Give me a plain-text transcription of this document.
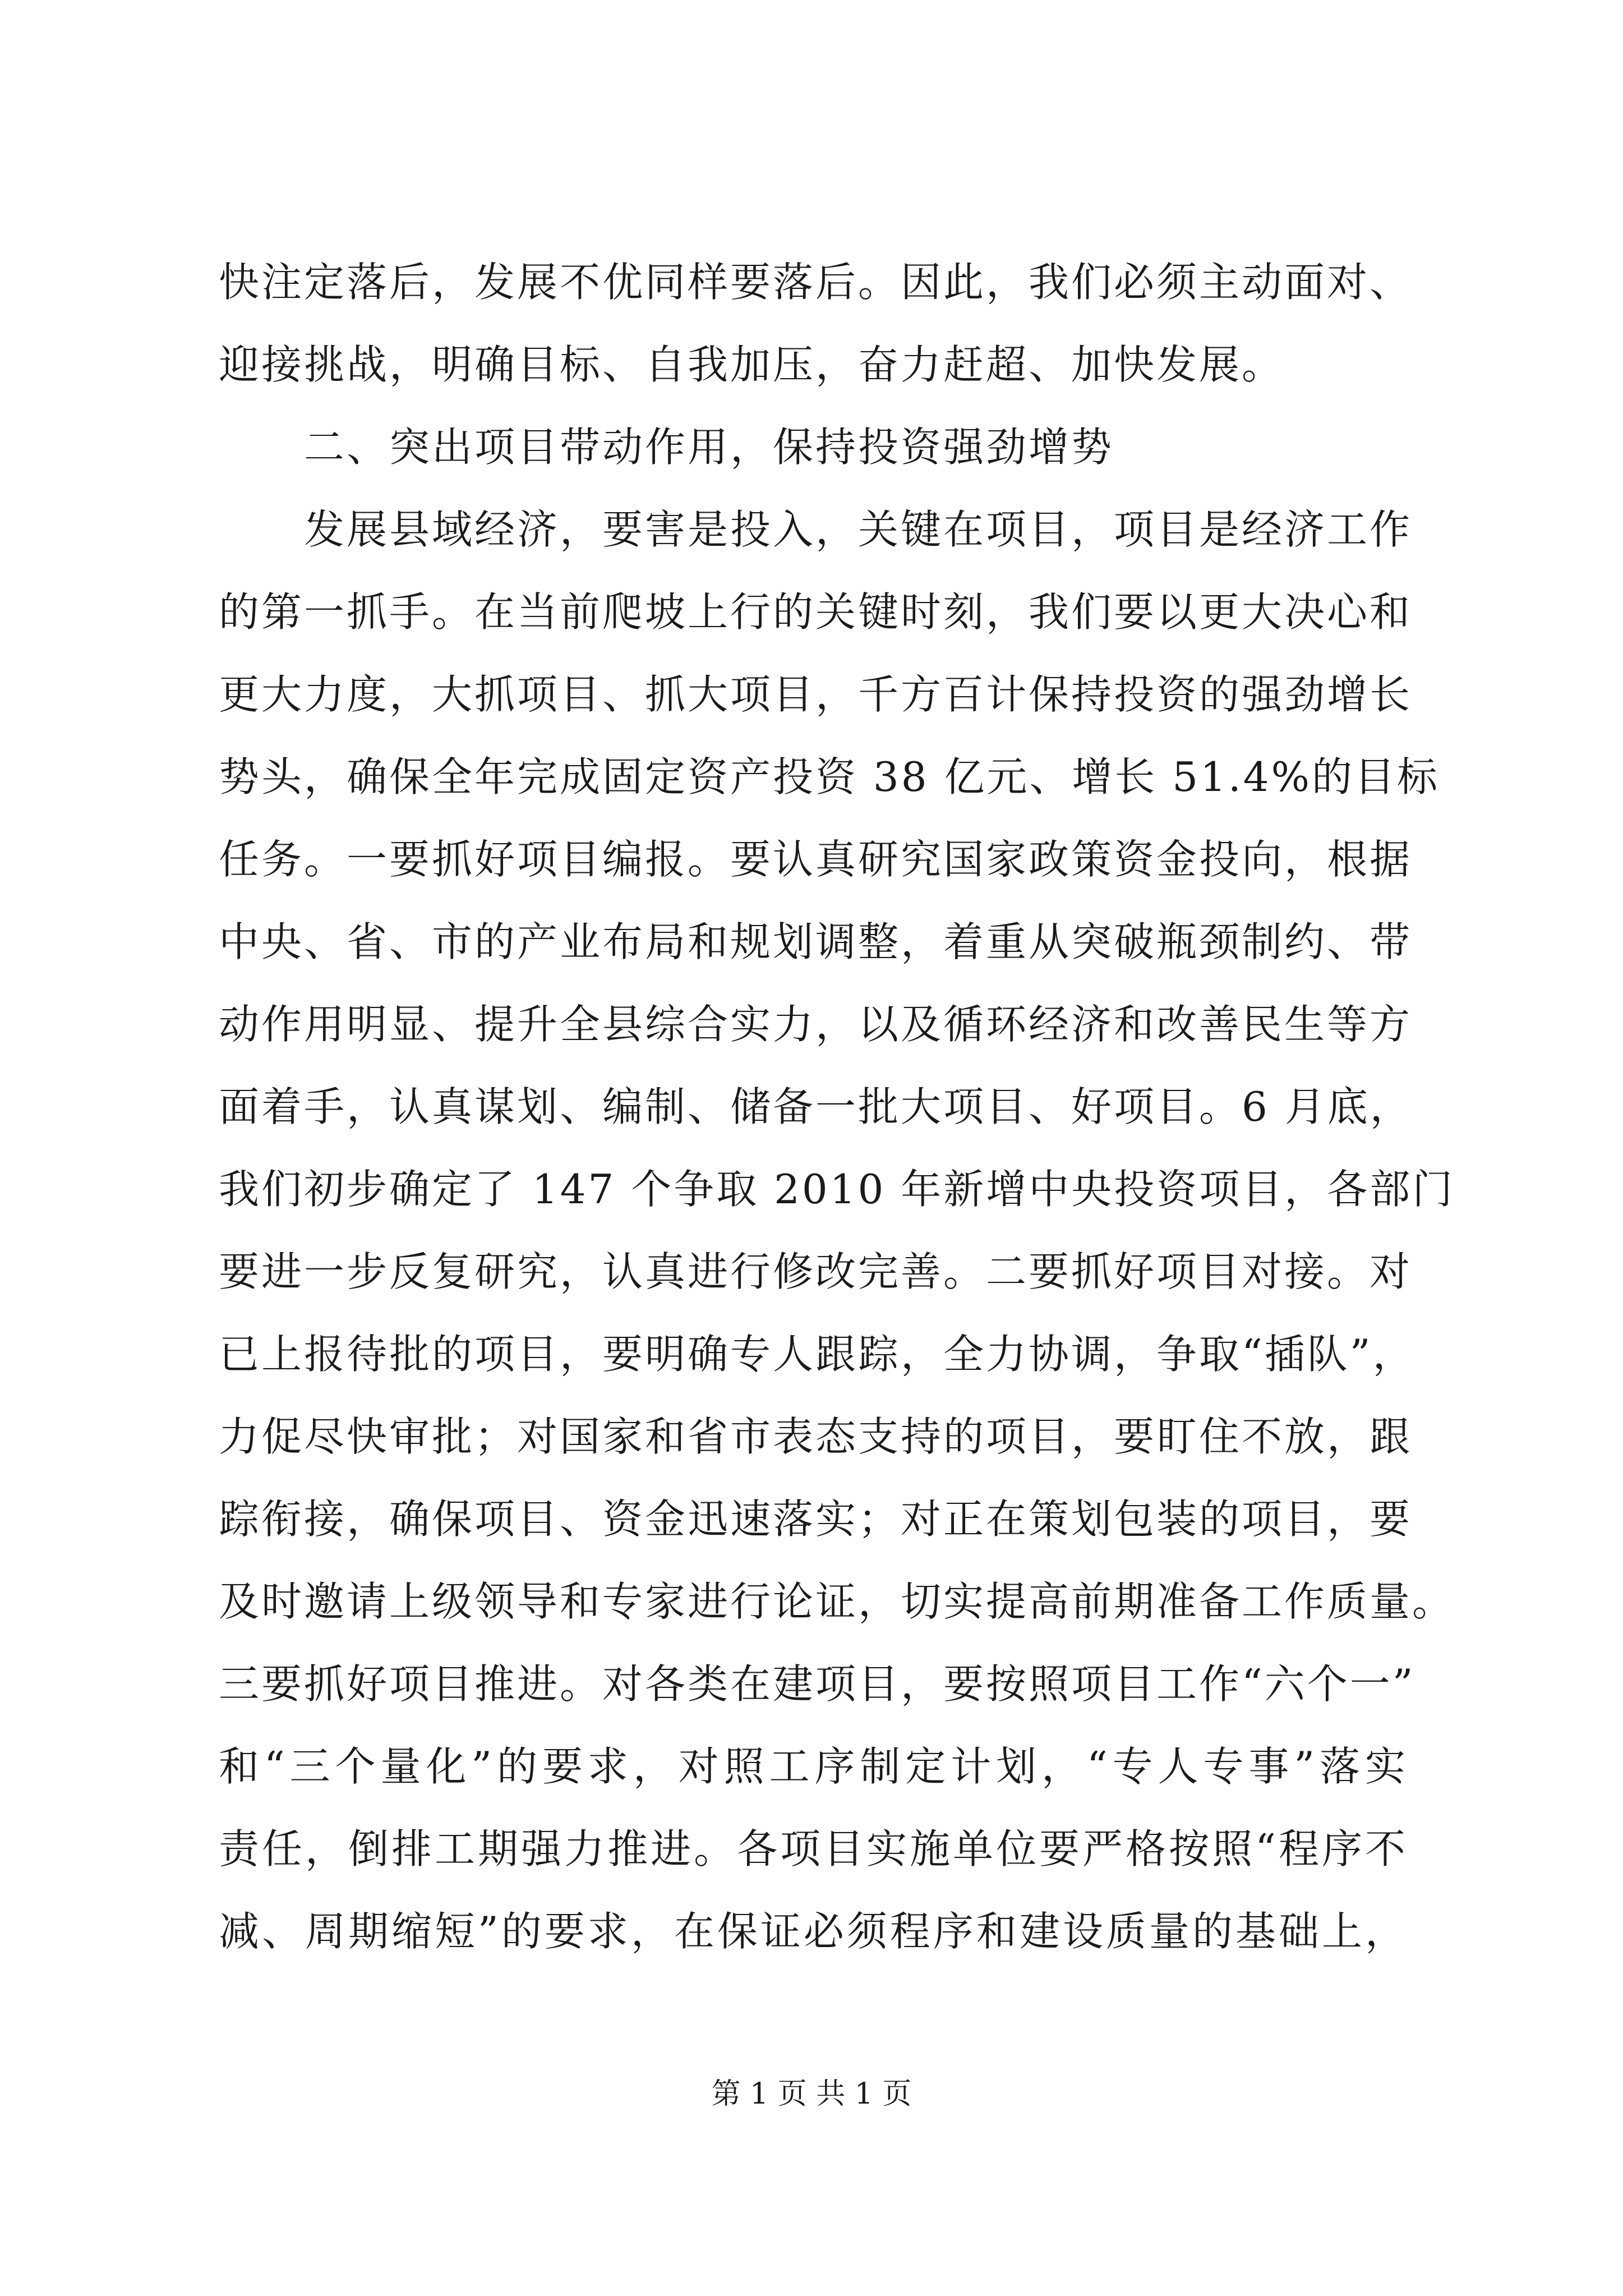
快注定落后，发展不优同样要落后。因此，我们必须主动面对、
迎接挑战，明确目标、自我加压，奋力赶超、加快发展。
二、突出项目带动作用，保持投资强劲增势
发展县域经济，要害是投入，关键在项目，项目是经济工作
的第一抓手。在当前爬坡上行的关键时刻，我们要以更大决心和
更大力度，大抓项目、抓大项目，千方百计保持投资的强劲增长
势头，确保全年完成固定资产投资 38 亿元、增长 51.4%的目标
任务。一要抓好项目编报。要认真研究国家政策资金投向，根据
中央、省、市的产业布局和规划调整，着重从突破瓶颈制约、带
动作用明显、提升全县综合实力，以及循环经济和改善民生等方
面着手，认真谋划、编制、储备一批大项目、好项目。6 月底，
我们初步确定了 147 个争取 2010 年新增中央投资项目，各部门
要进一步反复研究，认真进行修改完善。二要抓好项目对接。对
已上报待批的项目，要明确专人跟踪，全力协调，争取“插队”，
力促尽快审批；对国家和省市表态支持的项目，要盯住不放，跟
踪衔接，确保项目、资金迅速落实；对正在策划包装的项目，要
及时邀请上级领导和专家进行论证，切实提高前期准备工作质量。
三要抓好项目推进。对各类在建项目，要按照项目工作“六个一”
和“三个量化”的要求，对照工序制定计划，“专人专事”落实
责任，倒排工期强力推进。各项目实施单位要严格按照“程序不
减、周期缩短”的要求，在保证必须程序和建设质量的基础上，
第 1 页 共 1 页
